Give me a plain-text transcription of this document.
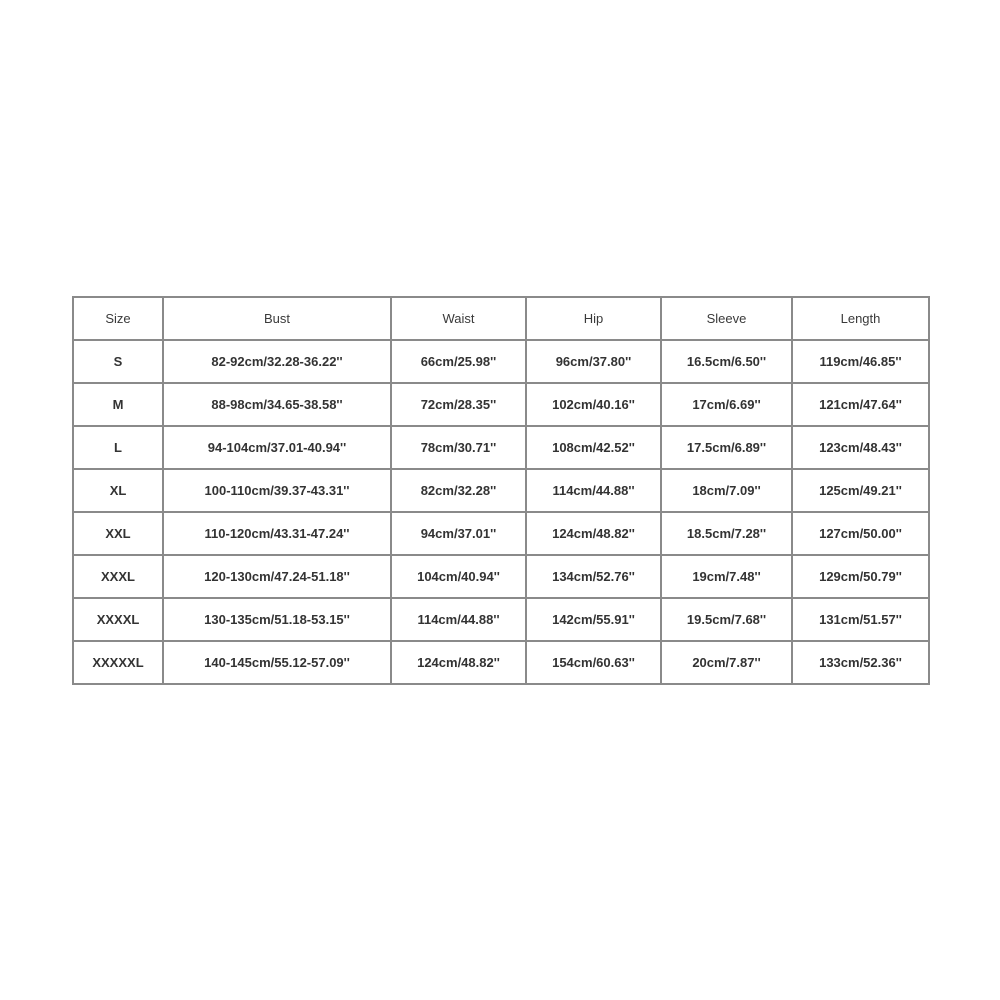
Size	Bust	Waist	Hip	Sleeve	Length
S	82-92cm/32.28-36.22''	66cm/25.98''	96cm/37.80''	16.5cm/6.50''	119cm/46.85''
M	88-98cm/34.65-38.58''	72cm/28.35''	102cm/40.16''	17cm/6.69''	121cm/47.64''
L	94-104cm/37.01-40.94''	78cm/30.71''	108cm/42.52''	17.5cm/6.89''	123cm/48.43''
XL	100-110cm/39.37-43.31''	82cm/32.28''	114cm/44.88''	18cm/7.09''	125cm/49.21''
XXL	110-120cm/43.31-47.24''	94cm/37.01''	124cm/48.82''	18.5cm/7.28''	127cm/50.00''
XXXL	120-130cm/47.24-51.18''	104cm/40.94''	134cm/52.76''	19cm/7.48''	129cm/50.79''
XXXXL	130-135cm/51.18-53.15''	114cm/44.88''	142cm/55.91''	19.5cm/7.68''	131cm/51.57''
XXXXXL	140-145cm/55.12-57.09''	124cm/48.82''	154cm/60.63''	20cm/7.87''	133cm/52.36''
